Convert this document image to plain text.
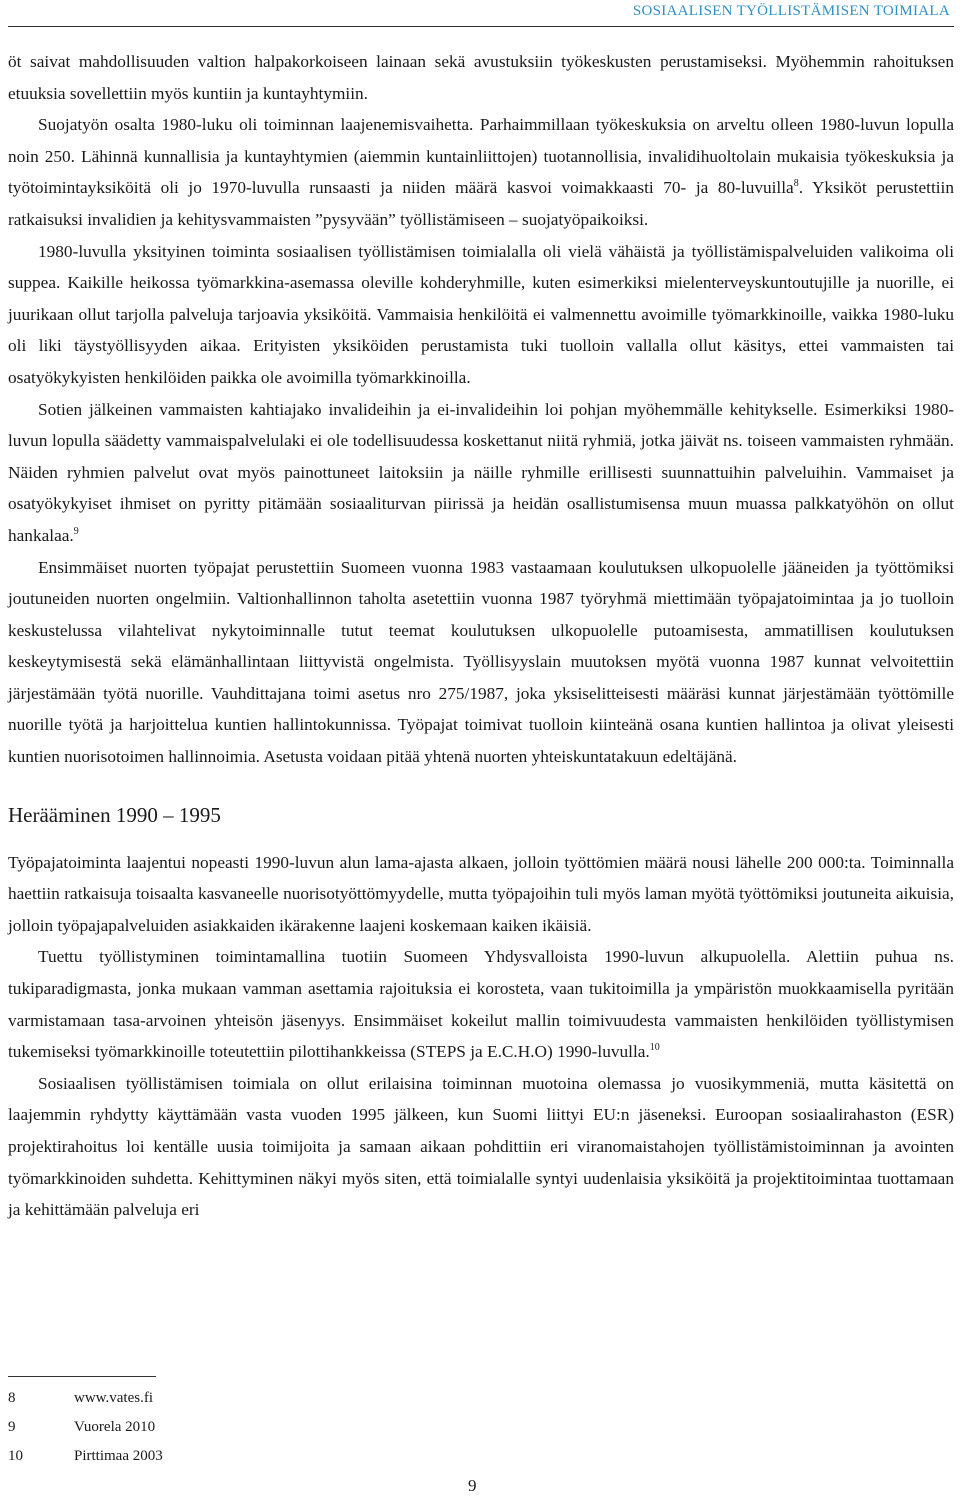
SOSIAALISEN TYÖLLISTÄMISEN TOIMIALA

öt saivat mahdollisuuden valtion halpakorkoiseen lainaan sekä avustuksiin työkeskusten perustamiseksi. Myöhemmin rahoituksen etuuksia sovellettiin myös kuntiin ja kuntayhtymiin.

Suojatyön osalta 1980-luku oli toiminnan laajenemisvaihetta. Parhaimmillaan työkeskuksia on arveltu olleen 1980-luvun lopulla noin 250. Lähinnä kunnallisia ja kuntayhtymien (aiemmin kuntainliittojen) tuotannollisia, invalidihuoltolain mukaisia työkeskuksia ja työtoimintayksiköitä oli jo 1970-luvulla runsaasti ja niiden määrä kasvoi voimakkaasti 70- ja 80-luvuilla$^8$. Yksiköt perustettiin ratkaisuksi invalidien ja kehitysvammaisten ”pysyvään” työllistämiseen – suojatyöpaikoiksi.

1980-luvulla yksityinen toiminta sosiaalisen työllistämisen toimialalla oli vielä vähäistä ja työllistämispalveluiden valikoima oli suppea. Kaikille heikossa työmarkkina-asemassa oleville kohderyhmille, kuten esimerkiksi mielenterveyskuntoutujille ja nuorille, ei juurikaan ollut tarjolla palveluja tarjoavia yksiköitä. Vammaisia henkilöitä ei valmennettu avoimille työmarkkinoille, vaikka 1980-luku oli liki täystyöllisyyden aikaa. Erityisten yksiköiden perustamista tuki tuolloin vallalla ollut käsitys, ettei vammaisten tai osatyökykyisten henkilöiden paikka ole avoimilla työmarkkinoilla.

Sotien jälkeinen vammaisten kahtiajako invalideihin ja ei-invalideihin loi pohjan myöhemmälle kehitykselle. Esimerkiksi 1980-luvun lopulla säädetty vammaispalvelulaki ei ole todellisuudessa koskettanut niitä ryhmiä, jotka jäivät ns. toiseen vammaisten ryhmään. Näiden ryhmien palvelut ovat myös painottuneet laitoksiin ja näille ryhmille erillisesti suunnattuihin palveluihin. Vammaiset ja osatyökykyiset ihmiset on pyritty pitämään sosiaaliturvan piirissä ja heidän osallistumisensa muun muassa palkkatyöhön on ollut hankalaa.$^9$

Ensimmäiset nuorten työpajat perustettiin Suomeen vuonna 1983 vastaamaan koulutuksen ulkopuolelle jääneiden ja työttömiksi joutuneiden nuorten ongelmiin. Valtionhallinnon taholta asetettiin vuonna 1987 työryhmä miettimään työpajatoimintaa ja jo tuolloin keskustelussa vilahtelivat nykytoiminnalle tutut teemat koulutuksen ulkopuolelle putoamisesta, ammatillisen koulutuksen keskeytymisestä sekä elämänhallintaan liittyvistä ongelmista. Työllisyyslain muutoksen myötä vuonna 1987 kunnat velvoitettiin järjestämään työtä nuorille. Vauhdittajana toimi asetus nro 275/1987, joka yksiselitteisesti määräsi kunnat järjestämään työttömille nuorille työtä ja harjoittelua kuntien hallintokunnissa. Työpajat toimivat tuolloin kiinteänä osana kuntien hallintoa ja olivat yleisesti kuntien nuorisotoimen hallinnoimia. Asetusta voidaan pitää yhtenä nuorten yhteiskuntatakuun edeltäjänä.

Herääminen 1990 – 1995

Työpajatoiminta laajentui nopeasti 1990-luvun alun lama-ajasta alkaen, jolloin työttömien määrä nousi lähelle 200 000:ta. Toiminnalla haettiin ratkaisuja toisaalta kasvaneelle nuorisotyöttömyydelle, mutta työpajoihin tuli myös laman myötä työttömiksi joutuneita aikuisia, jolloin työpajapalveluiden asiakkaiden ikärakenne laajeni koskemaan kaiken ikäisiä.

Tuettu työllistyminen toimintamallina tuotiin Suomeen Yhdysvalloista 1990-luvun alkupuolella. Alettiin puhua ns. tukiparadigmasta, jonka mukaan vamman asettamia rajoituksia ei korosteta, vaan tukitoimilla ja ympäristön muokkaamisella pyritään varmistamaan tasa-arvoinen yhteisön jäsenyys. Ensimmäiset kokeilut mallin toimivuudesta vammaisten henkilöiden työllistymisen tukemiseksi työmarkkinoille toteutettiin pilottihankkeissa (STEPS ja E.C.H.O) 1990-luvulla.$^{10}$

Sosiaalisen työllistämisen toimiala on ollut erilaisina toiminnan muotoina olemassa jo vuosikymmeniä, mutta käsitettä on laajemmin ryhdytty käyttämään vasta vuoden 1995 jälkeen, kun Suomi liittyi EU:n jäseneksi. Euroopan sosiaalirahaston (ESR) projektirahoitus loi kentälle uusia toimijoita ja samaan aikaan pohdittiin eri viranomaistahojen työllistämistoiminnan ja avointen työmarkkinoiden suhdetta. Kehittyminen näkyi myös siten, että toimialalle syntyi uudenlaisia yksiköitä ja projektitoimintaa tuottamaan ja kehittämään palveluja eri

8	www.vates.fi
9	Vuorela 2010
10	Pirttimaa 2003
9
